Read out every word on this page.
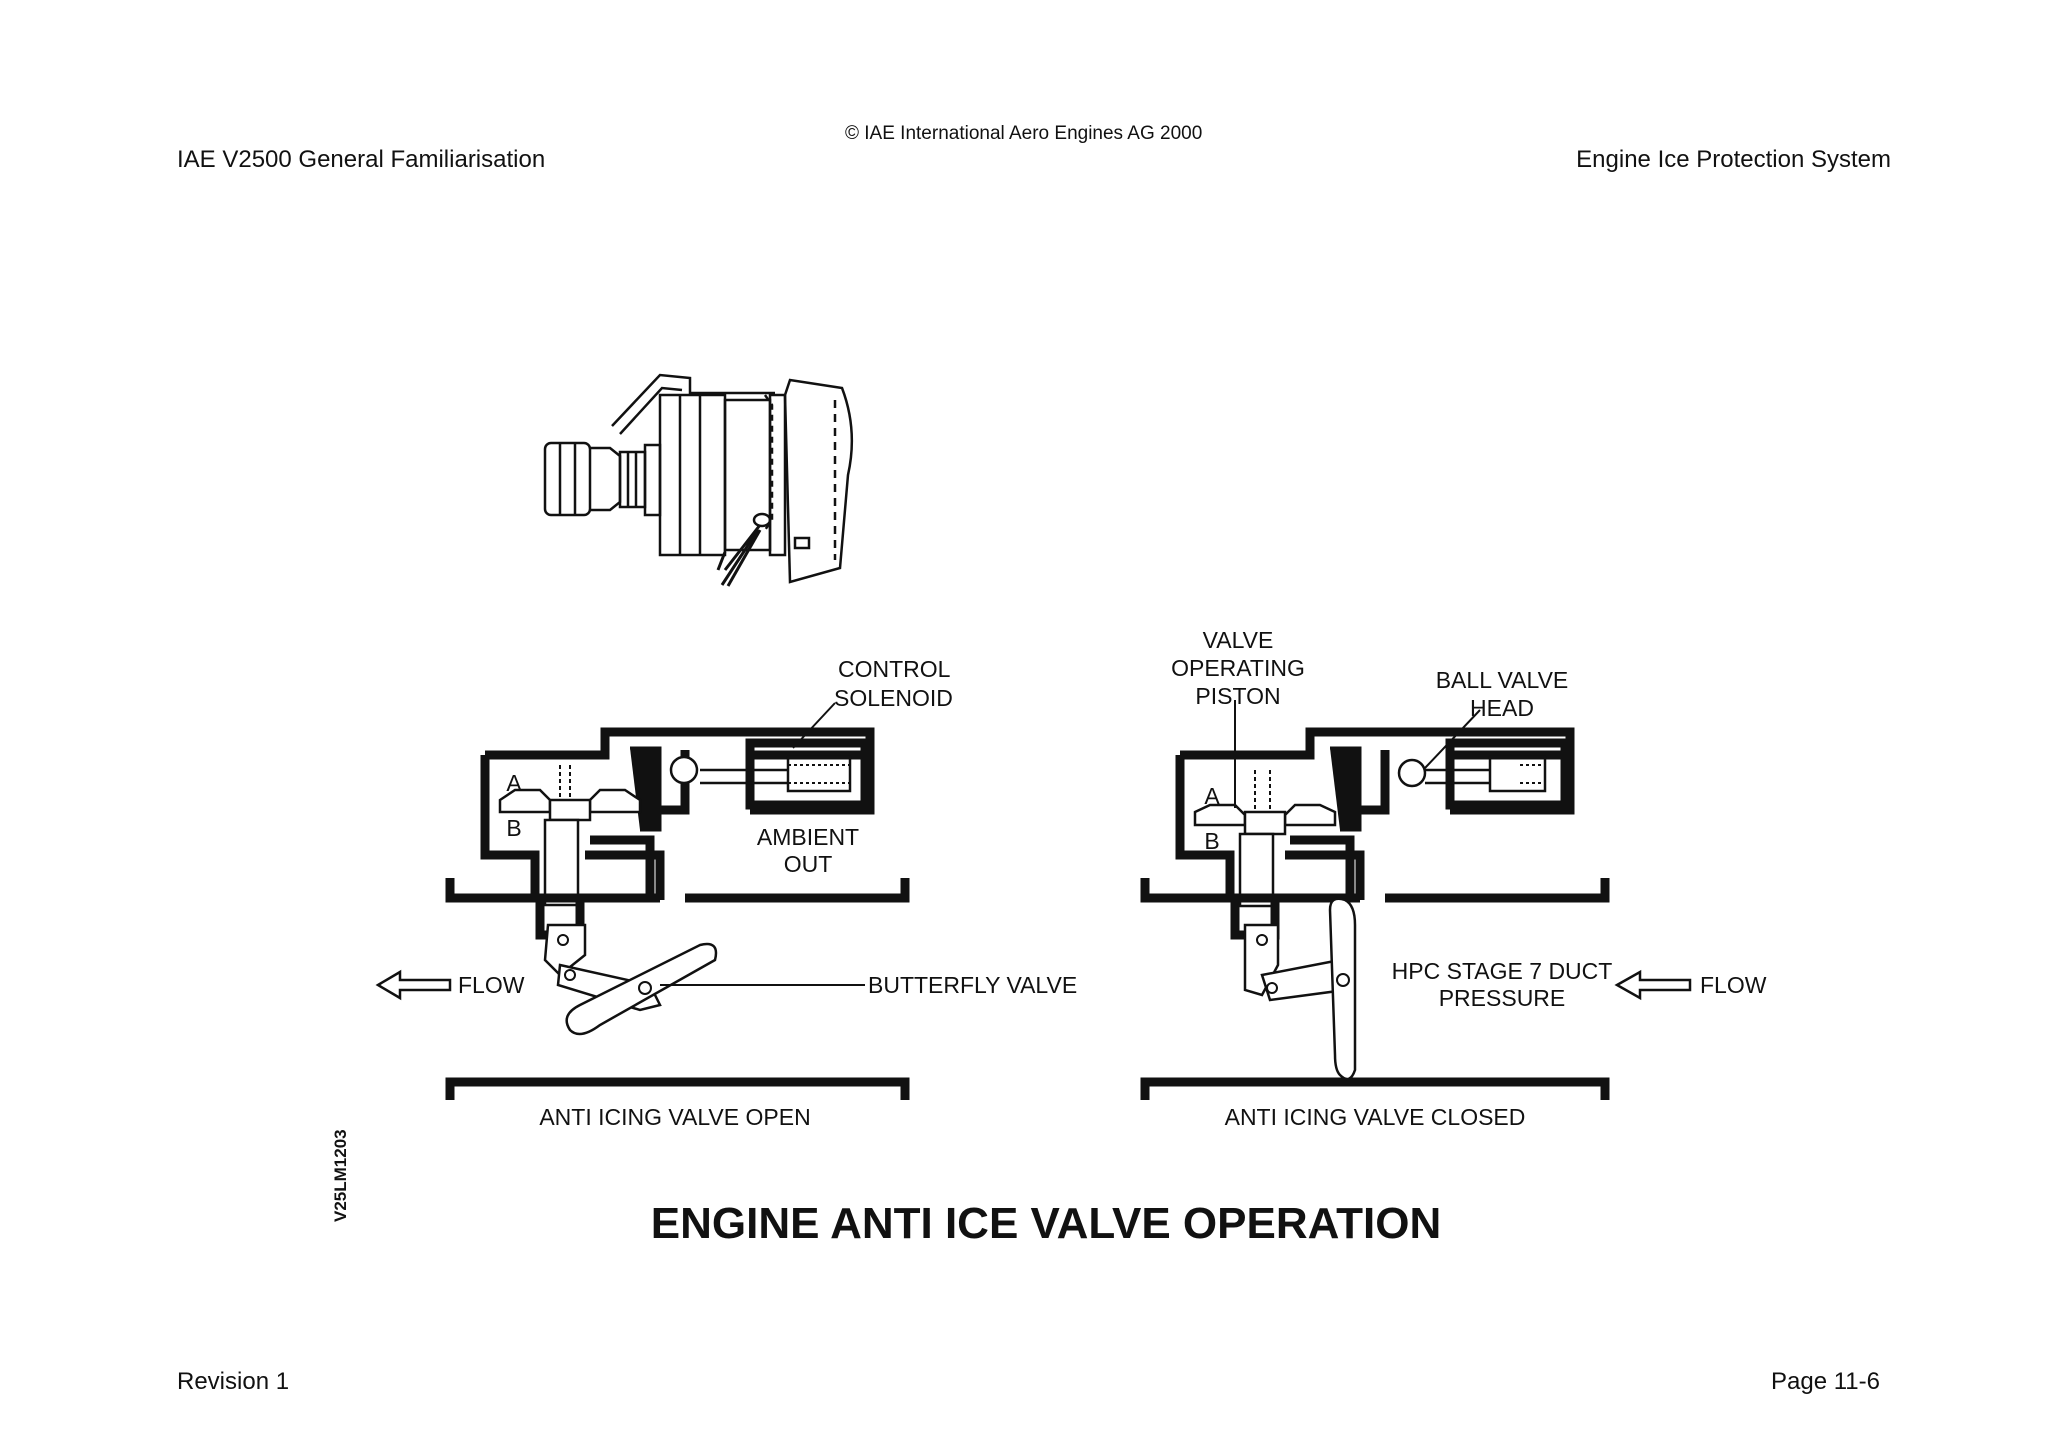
© IAE International Aero Engines AG 2000
IAE V2500 General Familiarisation	Engine Ice Protection System
Revision 1	Page 11-6
CONTROL
SOLENOID
AMBIENT
OUT
A
B
FLOW	BUTTERFLY VALVE
ANTI ICING VALVE OPEN
VALVE
OPERATING
PISTON
BALL VALVE
HEAD
HPC STAGE 7 DUCT
PRESSURE
A
B
FLOW
ANTI ICING VALVE CLOSED
V25LM1203
ENGINE ANTI ICE VALVE OPERATION
